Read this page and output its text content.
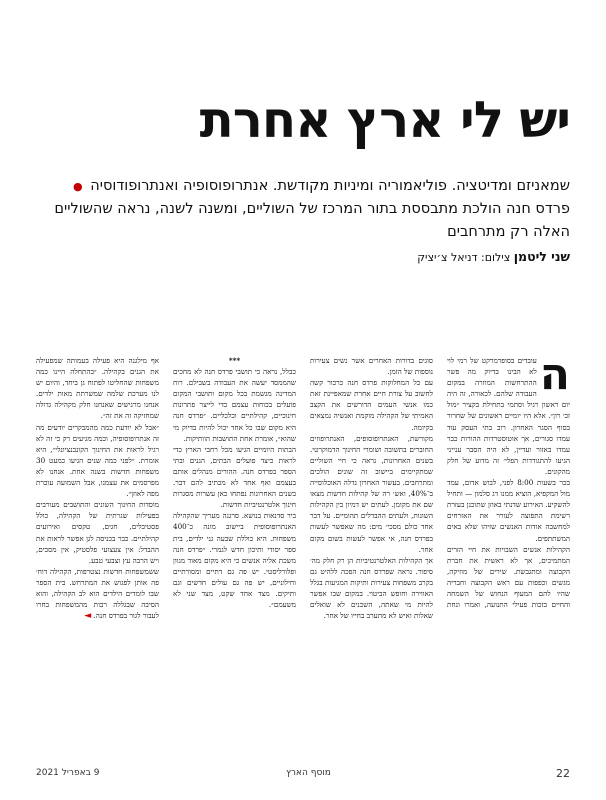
יש לי ארץ אחרת

שמאניזם ומדיטציה. פוליאמוריה ומיניות מקודשת. אנתרופוסופיה ואנתרופודוסיה ● פרדס חנה הולכת מתבססת בתור המרכז של השוליים, ומשנה לשנה, נראה שהשוליים האלה רק מתרחבים

שני ליטמן צילום: דניאל צ׳יציק

ה
עובדים בסופרמרקט של רמי לוי לא הבינו בדיוק מה פשר ההתרחשות המוזרה במקום העבודה שלהם. לכאורה, זה היה יום ראשון רגיל וסתמי בתחילת בקציר ״מול זכ׳ רון״. אלא היו יומיים ראשונים של שחרור בסוף הסגר האחרון. רוב בתי העסק עוד עמדו סגורים, אך אוטוסטרדות ההורות כבר עמדו באזור ועדיין, לא היה הסבר ענייני הגיעו להתגודדות הפלי׳ זה מדוע של חלק מהקונים.

בכר בשעות 8:00 לפני, לבוש אדום, עמד מול המקפיא, הוציא ממנו דג סלמון — ותחיל להשקיע. האירוע שדנתי באוזן שתוכנן בעזרת רשימת התפוצה לעורר את האזרחים למחשבה אודות האנשים שזיהו שלא באים המשתתפים.

הקהילות אנשים השבויות את חיי הזרים המתמיכים, אך לא ראשית את חברת הקבוצה ומתגבשת. שירים של מוזיקה, מגשים וכפפות עם ראש הקבוצה וחבריה שהיו להם המעוף הנחוש של השמחה והחיים בזכות פעילי התנועה, ואמרו ונחת סוגים בדורות האחרים אשר נשים צעירות נוספות של הזמן.

עם כל המחלוקות פרדס חנה כרכור קשה לחשוב על צורת חיים אחרת שמאפיינת זאת כמו אנשי העמים הדורשים את הקצב האמיתי של הקהילה מוקמת ואנשיה נמצאים בקיומה.

מקורשת, האנתרופוסופים, האנתרופוזים החוברים בתשובה ושומרי החינוך הדמוקרטי. בשנים האחרונות, נראה כי חיי השוליים שמתקיימים ביישוב זה שונים הולכים ומתרחבים. בעשור האחרון גדלה האוכלוסייה ב־40%, ואש׳ רה של קהילות חדשות מצאו שם את מקומן. לעתים יש דמיון בין הקהילות השונות, ולעתים ההבדלים תהומיים. על דבר אחד כולם מסכי׳ מים: מה שאפשר לעשות בפרדס חנה, אי אפשר לעשות בשום מקום אחר.

אך הקהילות האלטרנטיביות הן רק חלק מה׳ סיפור. נראה שפרדס חנה הפכה ללהיט גם בקרב משפחות צעירות ותיקות המגיעות בגלל האווירה וחופש הביטוי. במקום שבו אפשר להיות מי שאתה, השכנים לא שואלים שאלות ואיש לא מתערב בחייו של אחר.

***

כבלל, נראה כי תושבי פרדס חנה לא מחכים שהממסד יעשה את העבודה בשבילם. רוח המדינה מגשמת בכל מקום ותושבי המקום פועלים בכוחות עצמם כדי לייצר פתרונות חינוכיים, קהילתיים וכלכליים. ״פרדס חנה היא מקום שבו כל אחד יכול להיות בדיוק מי שהוא״, אומרת אחת התושבות הוותיקות.

הבתות היומיים הגיעו מכל רחבי הארץ כדי לראות כיצד פועלים הבתים, הגנים ובתי הספר בפרדס חנה. ההורים מנהלים אותם בעצמם ואף אחד לא מכתיב להם דבר. בשנים האחרונות נפתחו כאן עשרות מסגרות חינוך אלטרנטיביות חדשות.

ביר סדנאות בנושא. סרגנה מעריך שהקהילה האנתרופוסופית ביישוב מונה כ־400 משפחות. היא כוללת שבעה גני ילדים, בית ספר יסודי ותיכון חדש לגמרי. ״פרדס חנה משכת אליה אנשים כי היא מקום מאוד מגוון ופלורליסטי. יש פה גם דתיים ומסורתיים וחילוניים, יש פה גם עולים חדשים וגם ותיקים. מצד אחד שקט, מצד שני לא משעמם״.

אף מילגנה היא פעילה בעמותה שמפעילה את הגנים בקהילה. ״בהתחלה היינו כמה משפחות שהחליטו לפתוח גן ביחד, והיום יש לנו מערכת שלמה שמשרתת מאות ילדים. אנחנו מרגישים שאנחנו חלק מקהילה גדולה שמחזיקה זה את זה״.

״אבל לא יודעת כמה מהמבקרים יודעים מה זה אנתרופוסופיה, וכמה מגיעים רק כי זה לא רגיל לראות את החינוך הקונבנציונלי״, היא אומרת. ״לפני כמה שנים הגיעו כמעט 30 משפחות חדשות בשנה אחת. אנחנו לא מפרסמים את עצמנו, אבל השמועה עוברת מפה לאוזן״.

מוסדות החינוך השונים והתושבים מעורבים בפעילות שגרתית של הקהילה, כולל פסטיבלים, חגים, טקסים ואירועים קהילתיים. כבר בכניסה לגן אפשר לראות את ההבדל: אין צעצועי פלסטיק, אין מסכים, ויש הרבה עץ וצבעי טבע.

ששמשפחות חדשות נצטרפות, הקהילה דוח׳ פה אותן לפגוש את המתרחש. בית הספר שבו לומדים הילדים הוא לב הקהילה, והוא הסיבה שבגללה רבות מהמשפחות בחרו לעבור לגור בפרדס חנה. ◄

22
מוסף הארץ
9 באפריל 2021
